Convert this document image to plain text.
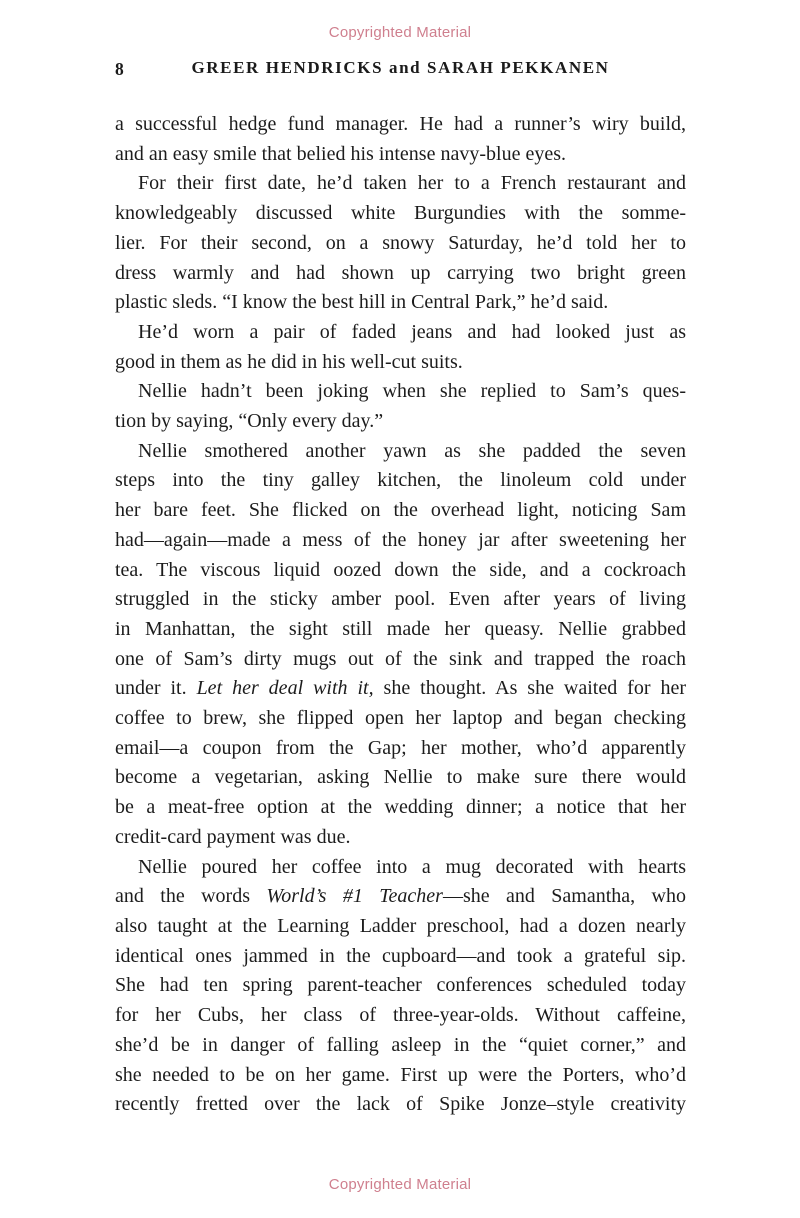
Copyrighted Material
8	GREER HENDRICKS and SARAH PEKKANEN
a successful hedge fund manager. He had a runner’s wiry build,
and an easy smile that belied his intense navy-blue eyes.
For their first date, he’d taken her to a French restaurant and
knowledgeably discussed white Burgundies with the somme-
lier. For their second, on a snowy Saturday, he’d told her to
dress warmly and had shown up carrying two bright green
plastic sleds. “I know the best hill in Central Park,” he’d said.
He’d worn a pair of faded jeans and had looked just as
good in them as he did in his well-cut suits.
Nellie hadn’t been joking when she replied to Sam’s ques-
tion by saying, “Only every day.”
Nellie smothered another yawn as she padded the seven
steps into the tiny galley kitchen, the linoleum cold under
her bare feet. She flicked on the overhead light, noticing Sam
had—again—made a mess of the honey jar after sweetening her
tea. The viscous liquid oozed down the side, and a cockroach
struggled in the sticky amber pool. Even after years of living
in Manhattan, the sight still made her queasy. Nellie grabbed
one of Sam’s dirty mugs out of the sink and trapped the roach
under it. Let her deal with it, she thought. As she waited for her
coffee to brew, she flipped open her laptop and began checking
email—a coupon from the Gap; her mother, who’d apparently
become a vegetarian, asking Nellie to make sure there would
be a meat-free option at the wedding dinner; a notice that her
credit-card payment was due.
Nellie poured her coffee into a mug decorated with hearts
and the words World’s #1 Teacher—she and Samantha, who
also taught at the Learning Ladder preschool, had a dozen nearly
identical ones jammed in the cupboard—and took a grateful sip.
She had ten spring parent-teacher conferences scheduled today
for her Cubs, her class of three-year-olds. Without caffeine,
she’d be in danger of falling asleep in the “quiet corner,” and
she needed to be on her game. First up were the Porters, who’d
recently fretted over the lack of Spike Jonze–style creativity
Copyrighted Material
